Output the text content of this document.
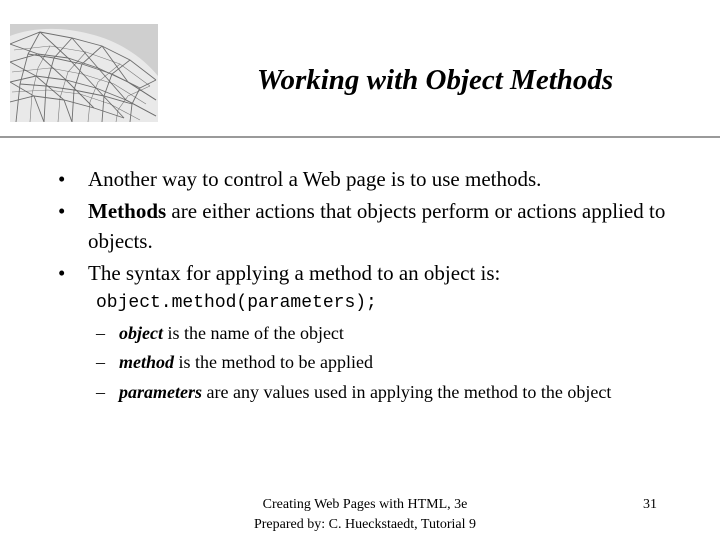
Working with Object Methods
•	Another way to control a Web page is to use methods.
•	Methods are either actions that objects perform or actions applied to objects.
•	The syntax for applying a method to an object is:
object.method(parameters);
– object is the name of the object
– method is the method to be applied
– parameters are any values used in applying the method to the object
Creating Web Pages with HTML, 3e
Prepared by: C. Hueckstaedt, Tutorial 9
31
